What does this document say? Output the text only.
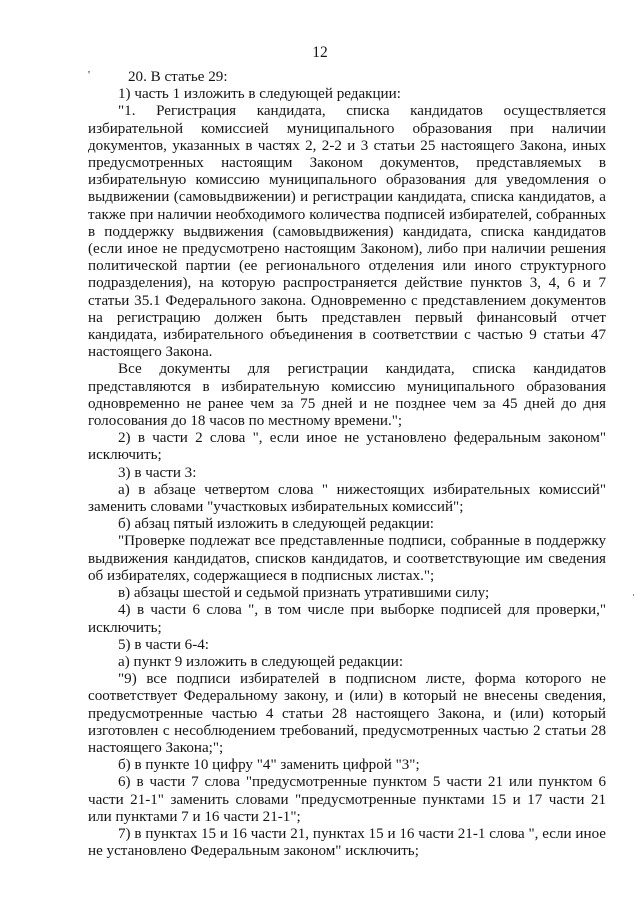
12
'
·

20. В статье 29:

1) часть 1 изложить в следующей редакции:

"1. Регистрация кандидата, списка кандидатов осуществляется избирательной комиссией муниципального образования при наличии документов, указанных в частях 2, 2-2 и 3 статьи 25 настоящего Закона, иных предусмотренных настоящим Законом документов, представляемых в избирательную комиссию муниципального образования для уведомления о выдвижении (самовыдвижении) и регистрации кандидата, списка кандидатов, а также при наличии необходимого количества подписей избирателей, собранных в поддержку выдвижения (самовыдвижения) кандидата, списка кандидатов (если иное не предусмотрено настоящим Законом), либо при наличии решения политической партии (ее регионального отделения или иного структурного подразделения), на которую распространяется действие пунктов 3, 4, 6 и 7 статьи 35.1 Федерального закона. Одновременно с представлением документов на регистрацию должен быть представлен первый финансовый отчет кандидата, избирательного объединения в соответствии с частью 9 статьи 47 настоящего Закона.

Все документы для регистрации кандидата, списка кандидатов представляются в избирательную комиссию муниципального образования одновременно не ранее чем за 75 дней и не позднее чем за 45 дней до дня голосования до 18 часов по местному времени.";

2) в части 2 слова ", если иное не установлено федеральным законом" исключить;

3) в части 3:

а) в абзаце четвертом слова " нижестоящих избирательных комиссий" заменить словами "участковых избирательных комиссий";

б) абзац пятый изложить в следующей редакции:

"Проверке подлежат все представленные подписи, собранные в поддержку выдвижения кандидатов, списков кандидатов, и соответствующие им сведения об избирателях, содержащиеся в подписных листах.";

в) абзацы шестой и седьмой признать утратившими силу;

4) в части 6 слова ", в том числе при выборке подписей для проверки," исключить;

5) в части 6-4:

а) пункт 9 изложить в следующей редакции:

"9) все подписи избирателей в подписном листе, форма которого не соответствует Федеральному закону, и (или) в который не внесены сведения, предусмотренные частью 4 статьи 28 настоящего Закона, и (или) который изготовлен с несоблюдением требований, предусмотренных частью 2 статьи 28 настоящего Закона;";

б) в пункте 10 цифру "4" заменить цифрой "3";

6) в части 7 слова "предусмотренные пунктом 5 части 21 или пунктом 6 части 21-1" заменить словами "предусмотренные пунктами 15 и 17 части 21 или пунктами 7 и 16 части 21-1";

7) в пунктах 15 и 16 части 21, пунктах 15 и 16 части 21-1 слова ", если иное не установлено Федеральным законом" исключить;
